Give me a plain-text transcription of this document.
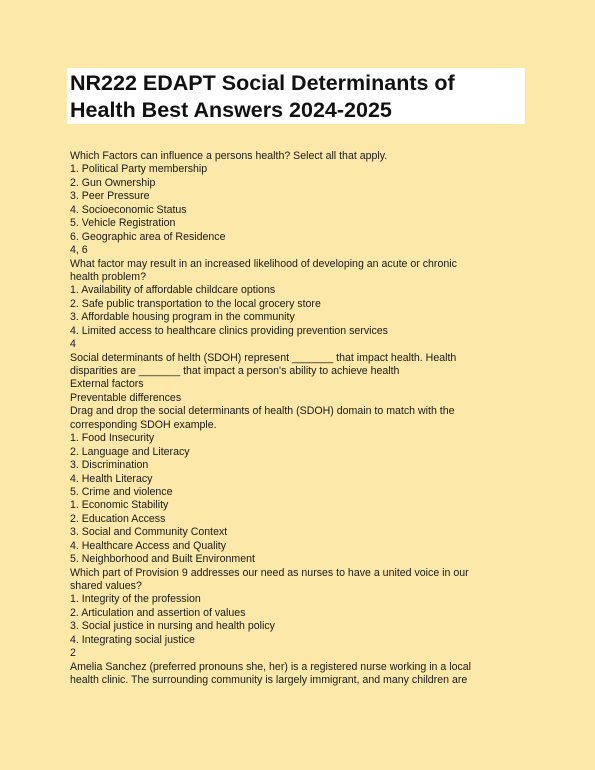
NR222 EDAPT Social Determinants of
Health Best Answers 2024-2025
Which Factors can influence a persons health? Select all that apply.
1. Political Party membership
2. Gun Ownership
3. Peer Pressure
4. Socioeconomic Status
5. Vehicle Registration
6. Geographic area of Residence
4, 6
What factor may result in an increased likelihood of developing an acute or chronic
health problem?
1. Availability of affordable childcare options
2. Safe public transportation to the local grocery store
3. Affordable housing program in the community
4. Limited access to healthcare clinics providing prevention services
4
Social determinants of helth (SDOH) represent _______ that impact health. Health
disparities are _______ that impact a person's ability to achieve health
External factors
Preventable differences
Drag and drop the social determinants of health (SDOH) domain to match with the
corresponding SDOH example.
1. Food Insecurity
2. Language and Literacy
3. Discrimination
4. Health Literacy
5. Crime and violence
1. Economic Stability
2. Education Access
3. Social and Community Context
4. Healthcare Access and Quality
5. Neighborhood and Built Environment
Which part of Provision 9 addresses our need as nurses to have a united voice in our
shared values?
1. Integrity of the profession
2. Articulation and assertion of values
3. Social justice in nursing and health policy
4. Integrating social justice
2
Amelia Sanchez (preferred pronouns she, her) is a registered nurse working in a local
health clinic. The surrounding community is largely immigrant, and many children are
